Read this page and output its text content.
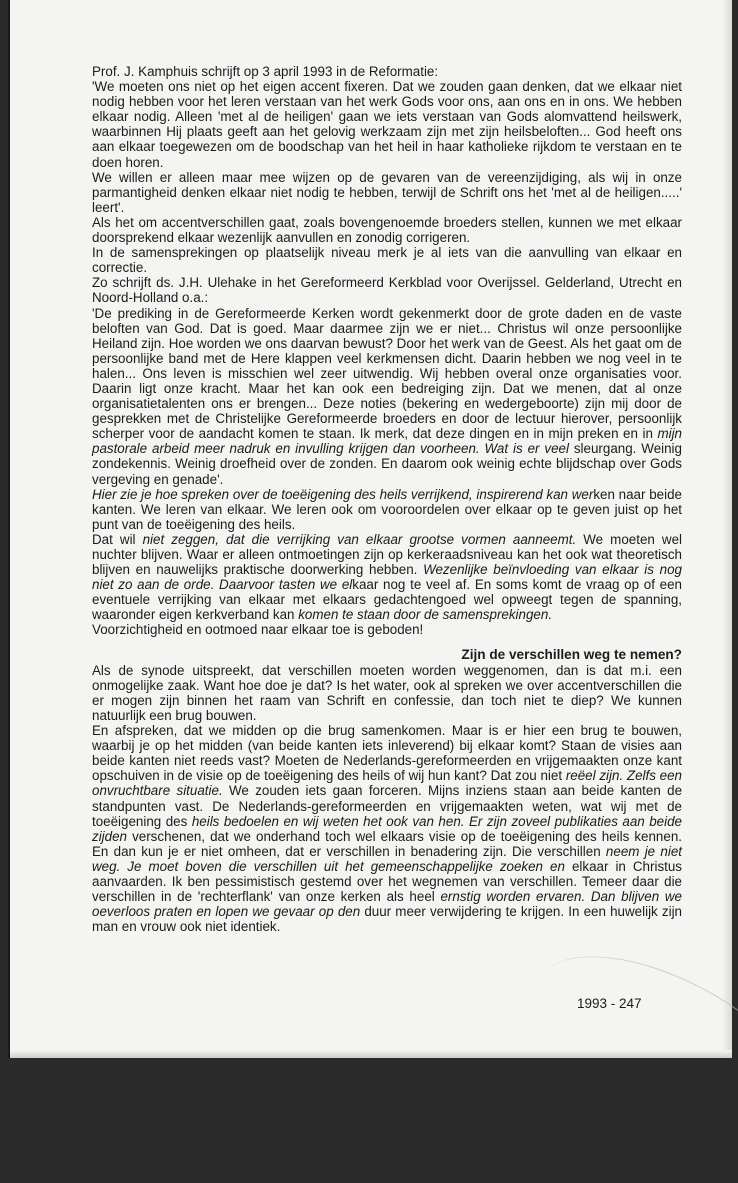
Prof. J. Kamphuis schrijft op 3 april 1993 in de Reformatie:

'We moeten ons niet op het eigen accent fixeren. Dat we zouden gaan denken, dat we elkaar niet nodig hebben voor het leren verstaan van het werk Gods voor ons, aan ons en in ons. We hebben elkaar nodig. Alleen 'met al de heiligen' gaan we iets verstaan van Gods alomvattend heilswerk, waarbinnen Hij plaats geeft aan het gelovig werkzaam zijn met zijn heilsbeloften... God heeft ons aan elkaar toegewezen om de boodschap van het heil in haar katholieke rijkdom te verstaan en te doen horen.

We willen er alleen maar mee wijzen op de gevaren van de vereenzijdiging, als wij in onze parmantigheid denken elkaar niet nodig te hebben, terwijl de Schrift ons het 'met al de heiligen.....' leert'.

Als het om accentverschillen gaat, zoals bovengenoemde broeders stellen, kunnen we met elkaar doorsprekend elkaar wezenlijk aanvullen en zonodig corrigeren.

In de samensprekingen op plaatselijk niveau merk je al iets van die aanvulling van elkaar en correctie.

Zo schrijft ds. J.H. Ulehake in het Gereformeerd Kerkblad voor Overijssel. Gelderland, Utrecht en Noord-Holland o.a.:

'De prediking in de Gereformeerde Kerken wordt gekenmerkt door de grote daden en de vaste beloften van God. Dat is goed. Maar daarmee zijn we er niet... Christus wil onze persoonlijke Heiland zijn. Hoe worden we ons daarvan bewust? Door het werk van de Geest. Als het gaat om de persoonlijke band met de Here klappen veel kerkmensen dicht. Daarin hebben we nog veel in te halen... Ons leven is misschien wel zeer uitwendig. Wij hebben overal onze organisaties voor. Daarin ligt onze kracht. Maar het kan ook een bedreiging zijn. Dat we menen, dat al onze organisatietalenten ons er brengen... Deze noties (bekering en wedergeboorte) zijn mij door de gesprekken met de Christelijke Gereformeerde broeders en door de lectuur hierover, persoonlijk scherper voor de aandacht komen te staan. Ik merk, dat deze dingen en in mijn preken en in mijn pastorale arbeid meer nadruk en invulling krijgen dan voorheen. Wat is er veel sleurgang. Weinig zondekennis. Weinig droefheid over de zonden. En daarom ook weinig echte blijdschap over Gods vergeving en genade'.

Hier zie je hoe spreken over de toeëigening des heils verrijkend, inspirerend kan werken naar beide kanten. We leren van elkaar. We leren ook om vooroordelen over elkaar op te geven juist op het punt van de toeëigening des heils.

Dat wil niet zeggen, dat die verrijking van elkaar grootse vormen aanneemt. We moeten wel nuchter blijven. Waar er alleen ontmoetingen zijn op kerkeraadsniveau kan het ook wat theoretisch blijven en nauwelijks praktische doorwerking hebben. Wezenlijke beïnvloeding van elkaar is nog niet zo aan de orde. Daarvoor tasten we elkaar nog te veel af. En soms komt de vraag op of een eventuele verrijking van elkaar met elkaars gedachtengoed wel opweegt tegen de spanning, waaronder eigen kerkverband kan komen te staan door de samensprekingen.

Voorzichtigheid en ootmoed naar elkaar toe is geboden!

Zijn de verschillen weg te nemen?

Als de synode uitspreekt, dat verschillen moeten worden weggenomen, dan is dat m.i. een onmogelijke zaak. Want hoe doe je dat? Is het water, ook al spreken we over accentverschillen die er mogen zijn binnen het raam van Schrift en confessie, dan toch niet te diep? We kunnen natuurlijk een brug bouwen.

En afspreken, dat we midden op die brug samenkomen. Maar is er hier een brug te bouwen, waarbij je op het midden (van beide kanten iets inleverend) bij elkaar komt? Staan de visies aan beide kanten niet reeds vast? Moeten de Nederlands-gereformeerden en vrijgemaakten onze kant opschuiven in de visie op de toeëigening des heils of wij hun kant? Dat zou niet reëel zijn. Zelfs een onvruchtbare situatie. We zouden iets gaan forceren. Mijns inziens staan aan beide kanten de standpunten vast. De Nederlands-gereformeerden en vrijgemaakten weten, wat wij met de toeëigening des heils bedoelen en wij weten het ook van hen. Er zijn zoveel publikaties aan beide zijden verschenen, dat we onderhand toch wel elkaars visie op de toeëigening des heils kennen. En dan kun je er niet omheen, dat er verschillen in benadering zijn. Die verschillen neem je niet weg. Je moet boven die verschillen uit het gemeenschappelijke zoeken en elkaar in Christus aanvaarden. Ik ben pessimistisch gestemd over het wegnemen van verschillen. Temeer daar die verschillen in de 'rechterflank' van onze kerken als heel ernstig worden ervaren. Dan blijven we oeverloos praten en lopen we gevaar op den duur meer verwijdering te krijgen. In een huwelijk zijn man en vrouw ook niet identiek.

1993 - 247
